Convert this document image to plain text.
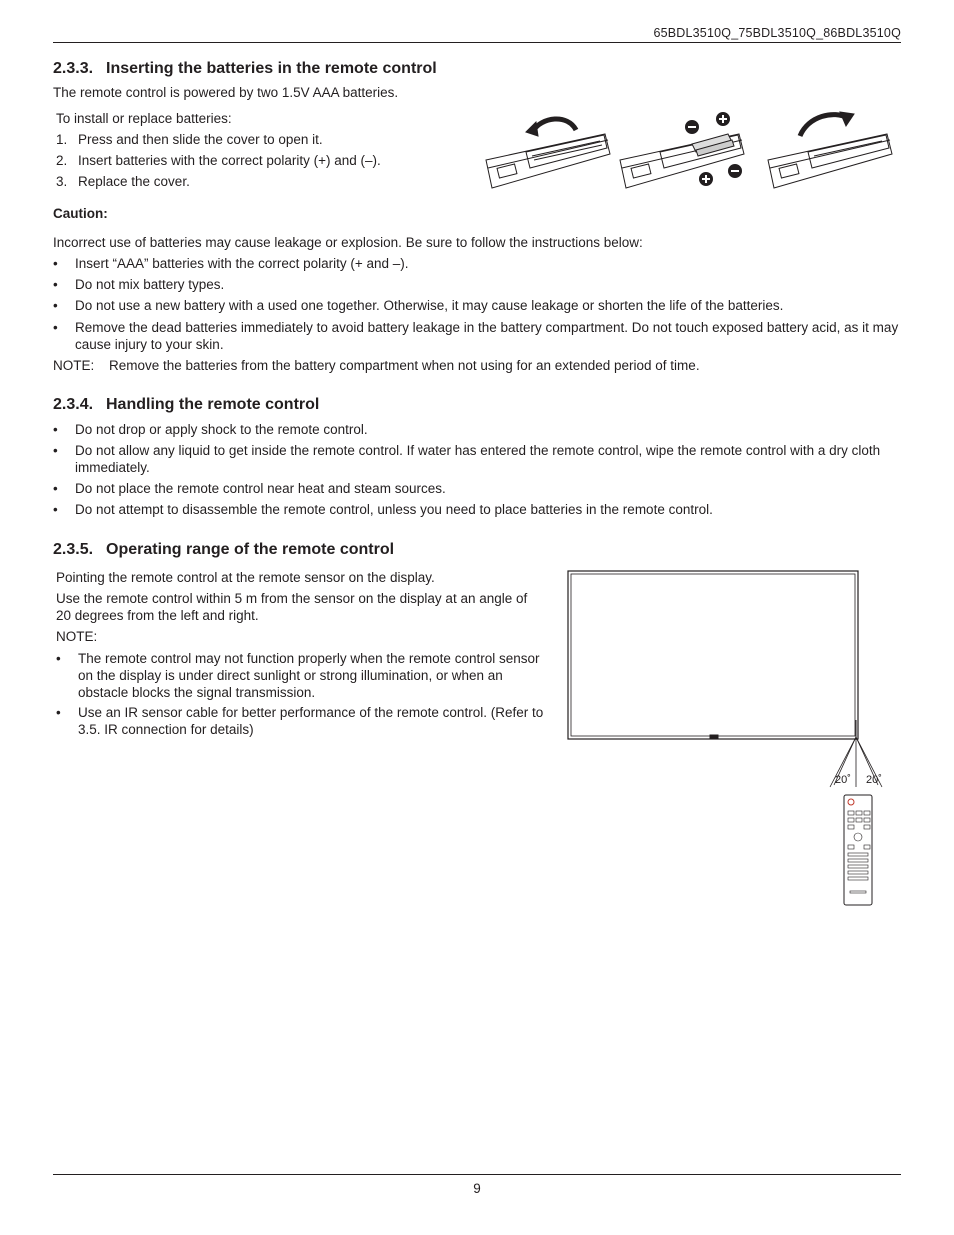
65BDL3510Q_75BDL3510Q_86BDL3510Q
2.3.3. Inserting the batteries in the remote control
The remote control is powered by two 1.5V AAA batteries.
To install or replace batteries:
1. Press and then slide the cover to open it.
2. Insert batteries with the correct polarity (+) and (–).
3. Replace the cover.
Caution:
Incorrect use of batteries may cause leakage or explosion. Be sure to follow the instructions below:
• Insert “AAA” batteries with the correct polarity (+ and –).
• Do not mix battery types.
• Do not use a new battery with a used one together. Otherwise, it may cause leakage or shorten the life of the batteries.
• Remove the dead batteries immediately to avoid battery leakage in the battery compartment. Do not touch exposed battery acid, as it may cause injury to your skin.
NOTE: Remove the batteries from the battery compartment when not using for an extended period of time.
2.3.4. Handling the remote control
• Do not drop or apply shock to the remote control.
• Do not allow any liquid to get inside the remote control. If water has entered the remote control, wipe the remote control with a dry cloth immediately.
• Do not place the remote control near heat and steam sources.
• Do not attempt to disassemble the remote control, unless you need to place batteries in the remote control.
2.3.5. Operating range of the remote control
Pointing the remote control at the remote sensor on the display.
Use the remote control within 5 m from the sensor on the display at an angle of 20 degrees from the left and right.
NOTE:
• The remote control may not function properly when the remote control sensor on the display is under direct sunlight or strong illumination, or when an obstacle blocks the signal transmission.
• Use an IR sensor cable for better performance of the remote control. (Refer to 3.5. IR connection for details)
20˚ 20˚
9
